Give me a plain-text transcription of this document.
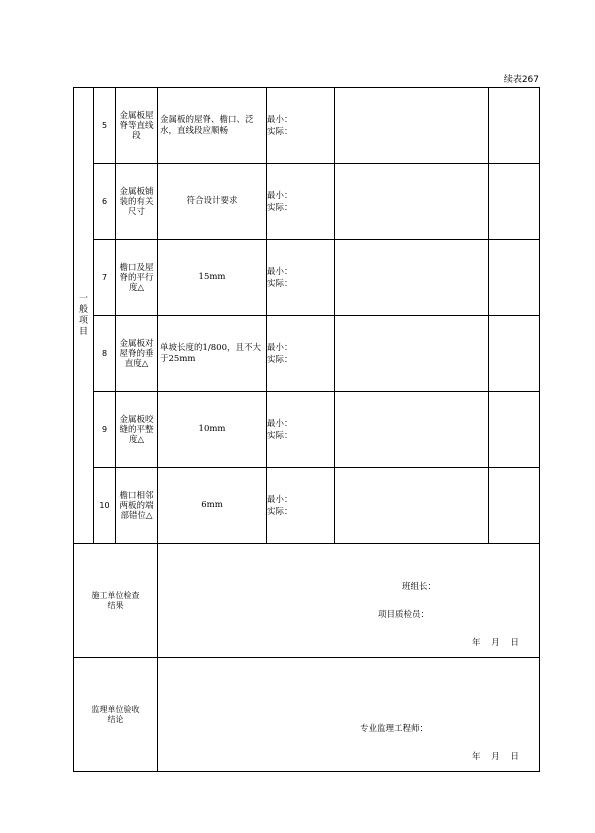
续表267
一般项目	5	金属板屋脊等直线段	金属板的屋脊、檐口、泛水，直线段应顺畅	最小：
实际：		

	6	金属板铺装的有关尺寸	符合设计要求	最小：
实际：		

	7	檐口及屋脊的平行度△	15mm	最小：
实际：		

	8	金属板对屋脊的垂直度△	单坡长度的1/800，且不大于25mm	最小：
实际：		

	9	金属板咬缝的平整度△	10mm	最小：
实际：		

	10	檐口相邻两板的端部错位△	6mm	最小：
实际：		

施工单位检查结果			班组长：
项目质检员：
年 月 日			

监理单位验收结论			专业监理工程师：
年 月 日			
